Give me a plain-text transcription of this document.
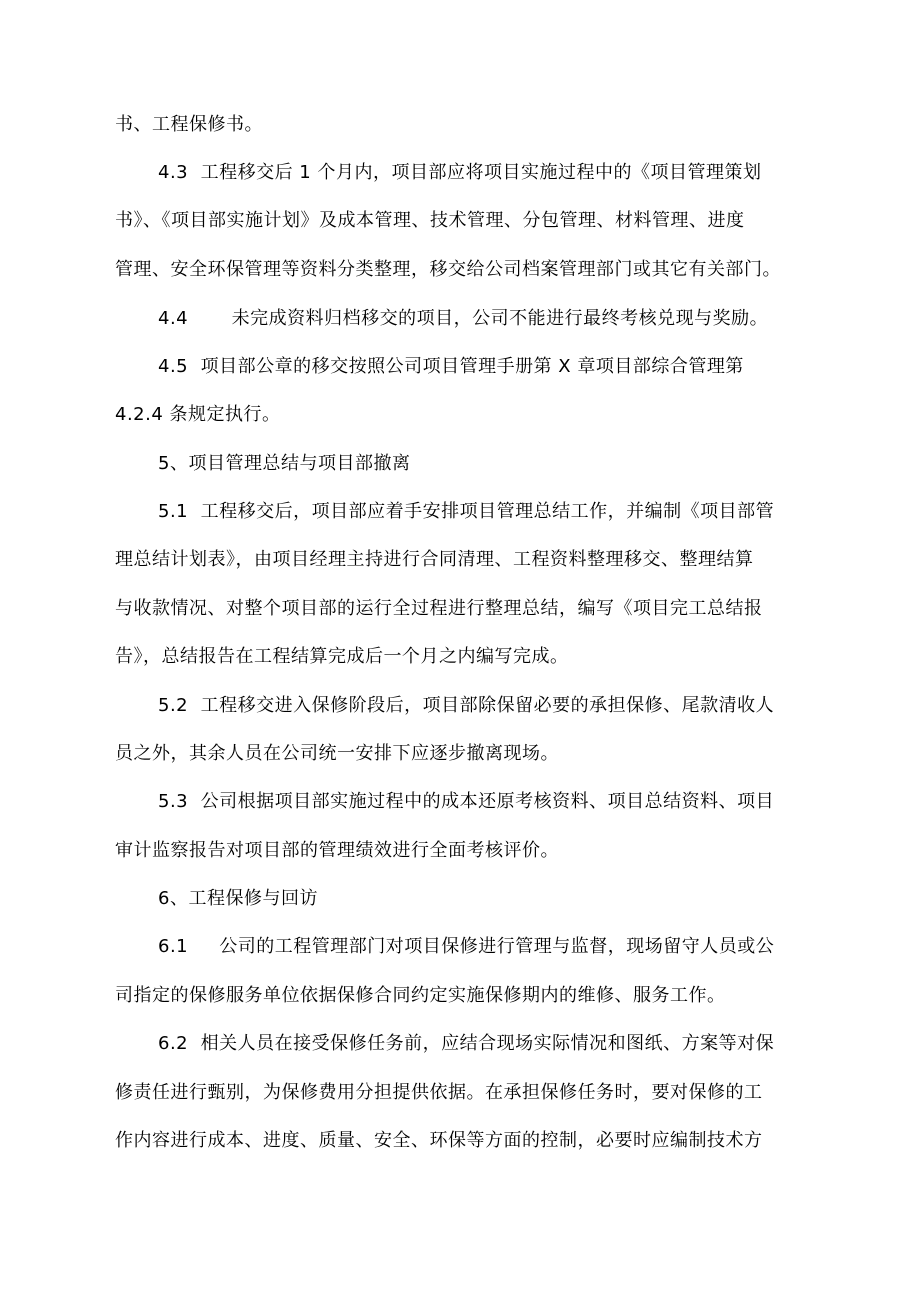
书、工程保修书。
4.3  工程移交后 1 个月内，项目部应将项目实施过程中的《项目管理策划
书》、《项目部实施计划》及成本管理、技术管理、分包管理、材料管理、进度
管理、安全环保管理等资料分类整理，移交给公司档案管理部门或其它有关部门。
4.4       未完成资料归档移交的项目，公司不能进行最终考核兑现与奖励。
4.5  项目部公章的移交按照公司项目管理手册第 X 章项目部综合管理第
4.2.4 条规定执行。
5、项目管理总结与项目部撤离
5.1  工程移交后，项目部应着手安排项目管理总结工作，并编制《项目部管
理总结计划表》，由项目经理主持进行合同清理、工程资料整理移交、整理结算
与收款情况、对整个项目部的运行全过程进行整理总结，编写《项目完工总结报
告》，总结报告在工程结算完成后一个月之内编写完成。
5.2  工程移交进入保修阶段后，项目部除保留必要的承担保修、尾款清收人
员之外，其余人员在公司统一安排下应逐步撤离现场。
5.3  公司根据项目部实施过程中的成本还原考核资料、项目总结资料、项目
审计监察报告对项目部的管理绩效进行全面考核评价。
6、工程保修与回访
6.1     公司的工程管理部门对项目保修进行管理与监督，现场留守人员或公
司指定的保修服务单位依据保修合同约定实施保修期内的维修、服务工作。
6.2  相关人员在接受保修任务前，应结合现场实际情况和图纸、方案等对保
修责任进行甄别，为保修费用分担提供依据。在承担保修任务时，要对保修的工
作内容进行成本、进度、质量、安全、环保等方面的控制，必要时应编制技术方
